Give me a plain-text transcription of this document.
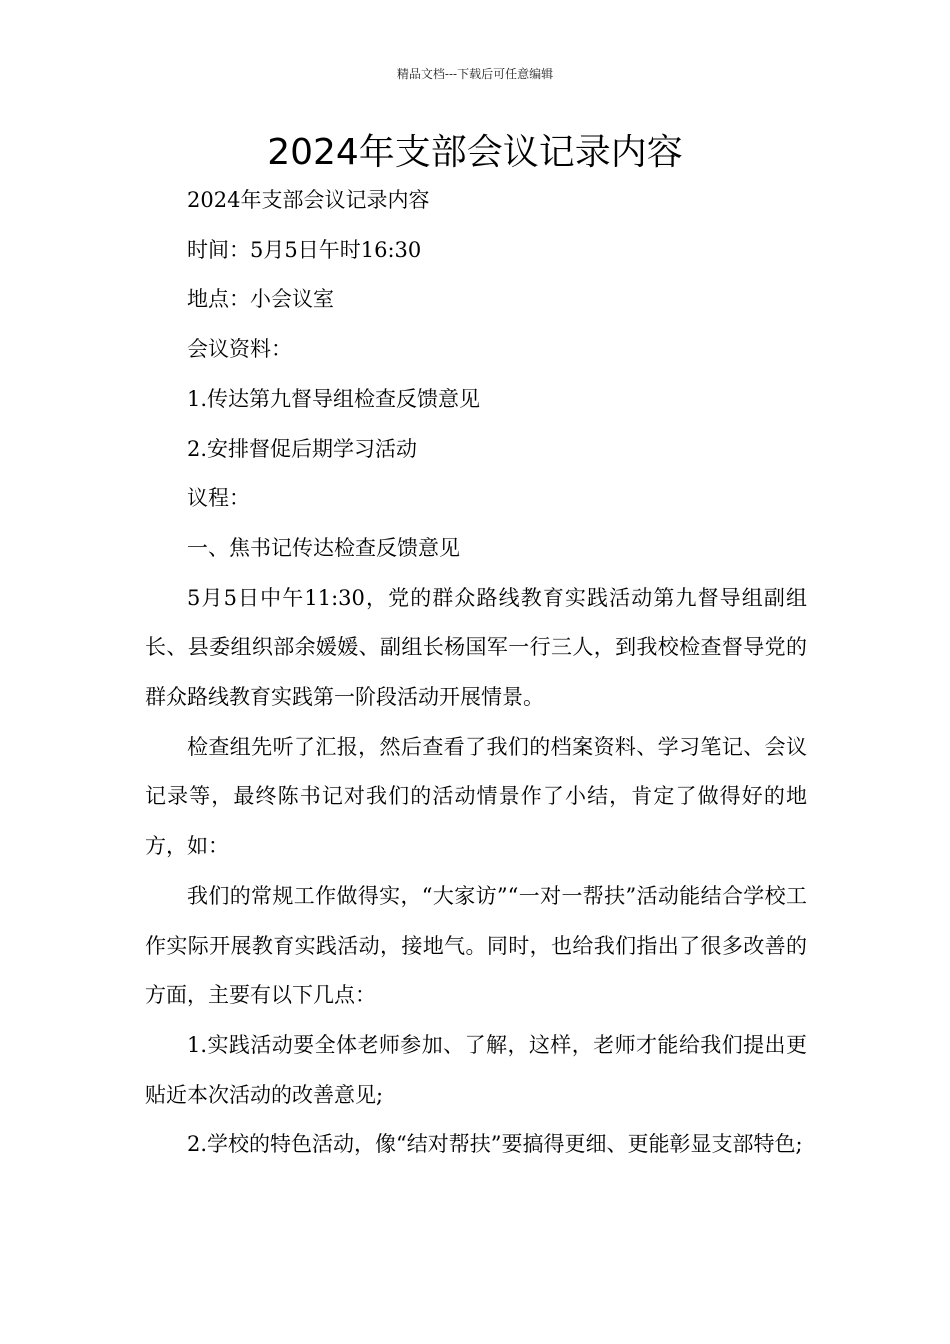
精品文档---下载后可任意编辑
2024年支部会议记录内容

2024年支部会议记录内容

时间：5月5日午时16:30

地点：小会议室

会议资料：

1.传达第九督导组检查反馈意见

2.安排督促后期学习活动

议程：

一、焦书记传达检查反馈意见

5月5日中午11:30，党的群众路线教育实践活动第九督导组副组长、县委组织部余媛媛、副组长杨国军一行三人，到我校检查督导党的群众路线教育实践第一阶段活动开展情景。

检查组先听了汇报，然后查看了我们的档案资料、学习笔记、会议记录等，最终陈书记对我们的活动情景作了小结，肯定了做得好的地方，如：

我们的常规工作做得实，“大家访”“一对一帮扶”活动能结合学校工作实际开展教育实践活动，接地气。同时，也给我们指出了很多改善的方面，主要有以下几点：

1.实践活动要全体老师参加、了解，这样，老师才能给我们提出更贴近本次活动的改善意见;

2.学校的特色活动，像“结对帮扶”要搞得更细、更能彰显支部特色;
